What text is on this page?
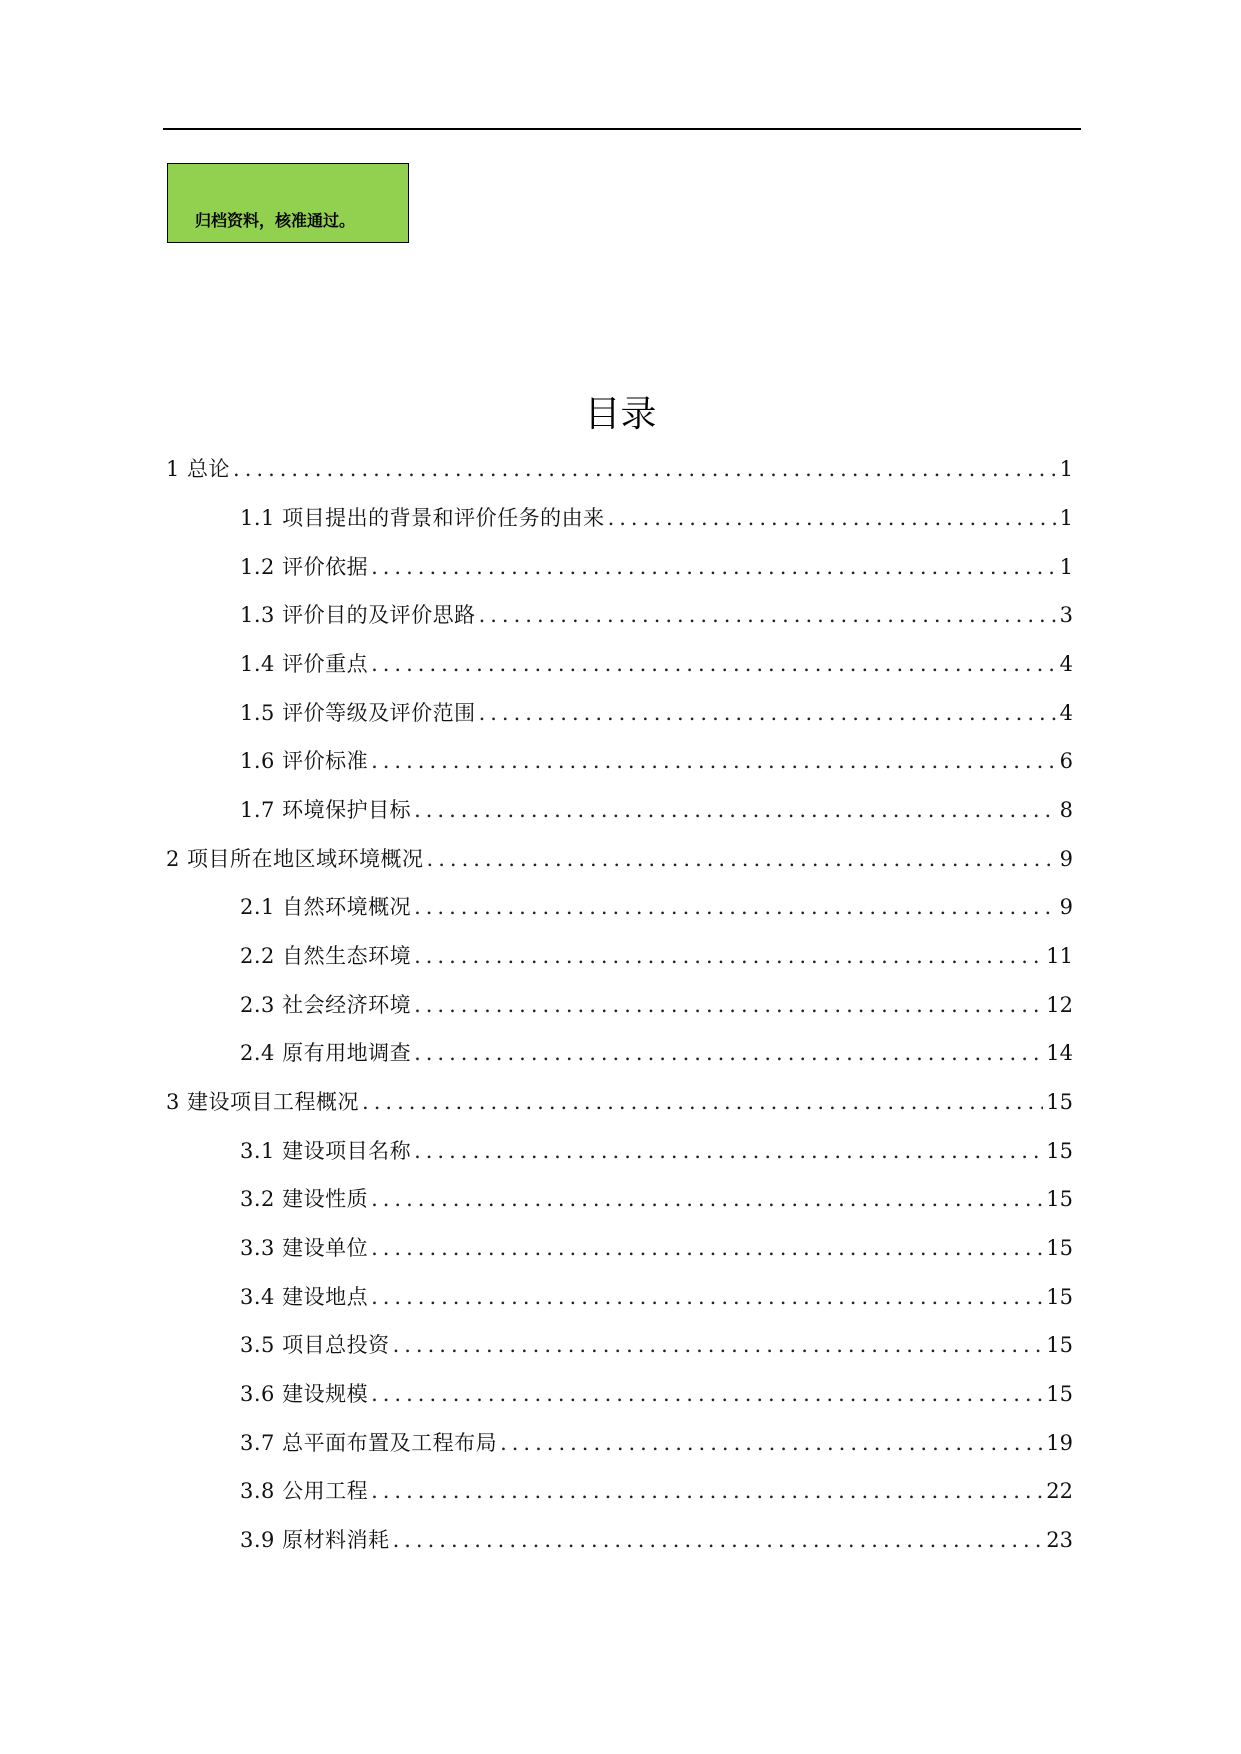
归档资料，核准通过。
目录
1 总论 .....	1
1.1 项目提出的背景和评价任务的由来 .....	1
1.2 评价依据 .....	1
1.3 评价目的及评价思路 .....	3
1.4 评价重点 .....	4
1.5 评价等级及评价范围 .....	4
1.6 评价标准 .....	6
1.7 环境保护目标 .....	8
2 项目所在地区域环境概况 .....	9
2.1 自然环境概况 .....	9
2.2 自然生态环境 .....	11
2.3 社会经济环境 .....	12
2.4 原有用地调查 .....	14
3 建设项目工程概况 .....	15
3.1 建设项目名称 .....	15
3.2 建设性质 .....	15
3.3 建设单位 .....	15
3.4 建设地点 .....	15
3.5 项目总投资 .....	15
3.6 建设规模 .....	15
3.7 总平面布置及工程布局 .....	19
3.8 公用工程 .....	22
3.9 原材料消耗 .....	23
